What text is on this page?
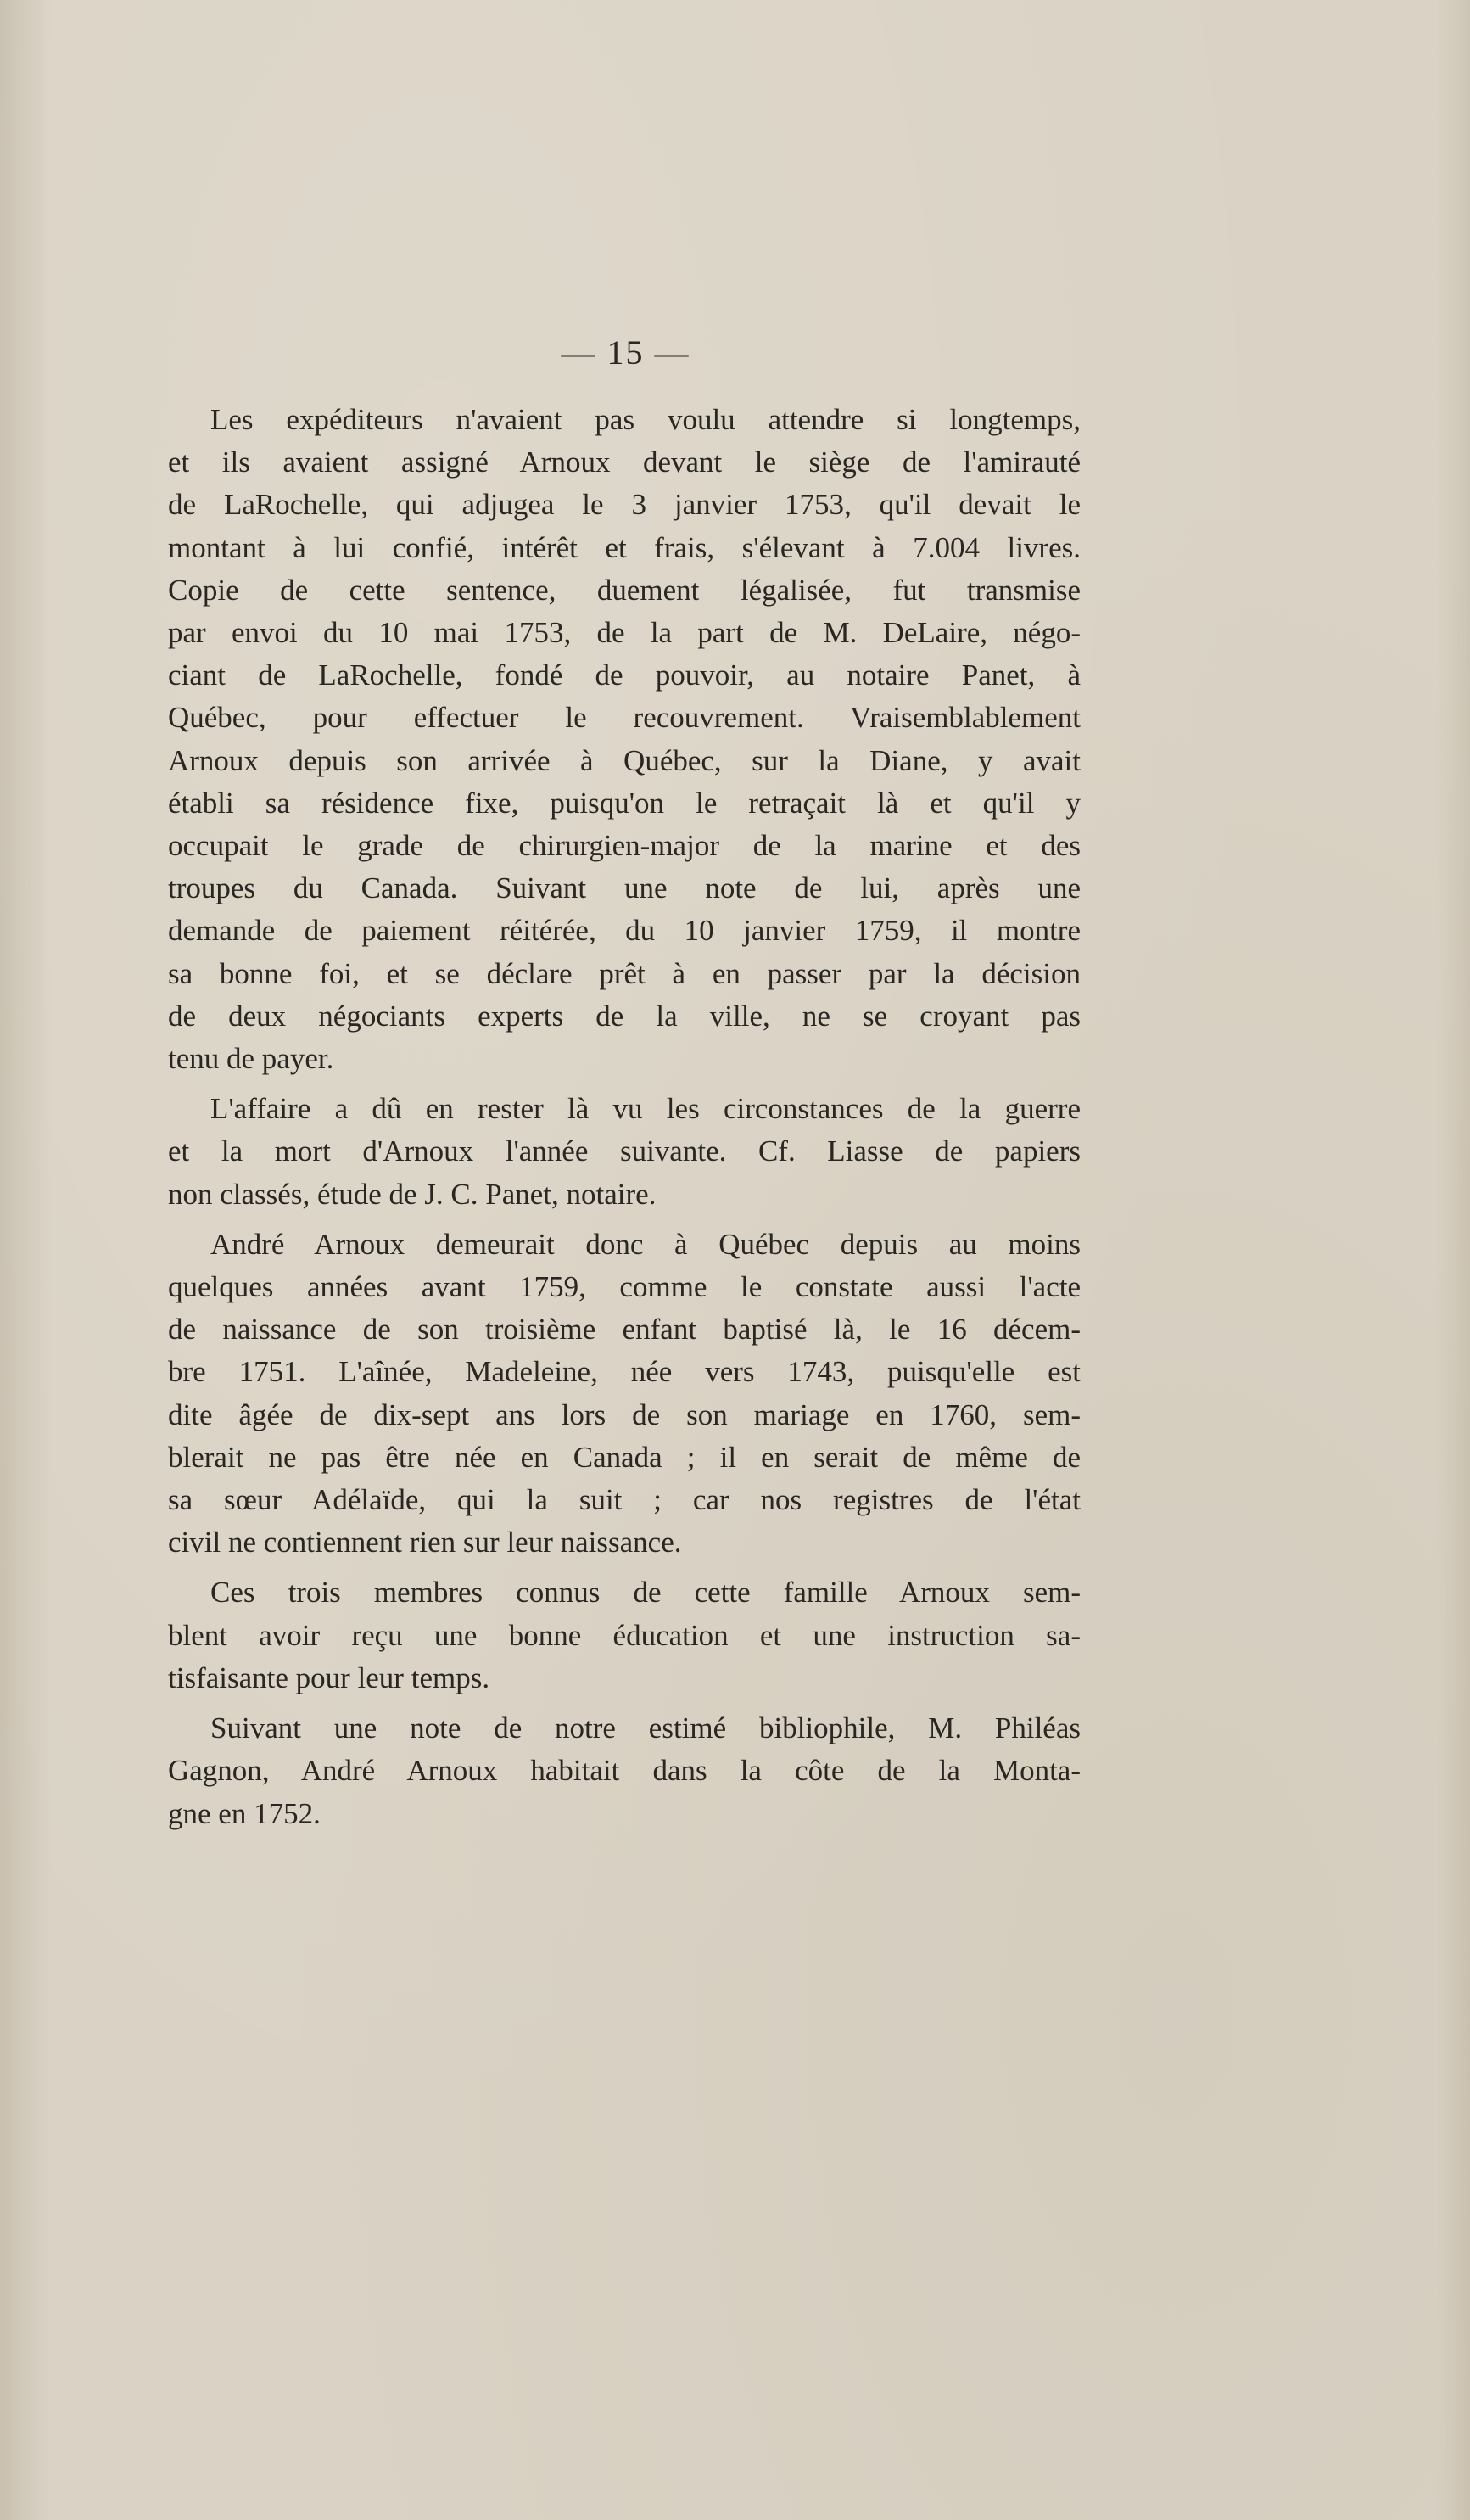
— 15 —
Les expéditeurs n'avaient pas voulu attendre si longtemps,
et ils avaient assigné Arnoux devant le siège de l'amirauté
de LaRochelle, qui adjugea le 3 janvier 1753, qu'il devait le
montant à lui confié, intérêt et frais, s'élevant à 7.004 livres.
Copie de cette sentence, duement légalisée, fut transmise
par envoi du 10 mai 1753, de la part de M. DeLaire, négo-
ciant de LaRochelle, fondé de pouvoir, au notaire Panet, à
Québec, pour effectuer le recouvrement. Vraisemblablement
Arnoux depuis son arrivée à Québec, sur la Diane, y avait
établi sa résidence fixe, puisqu'on le retraçait là et qu'il y
occupait le grade de chirurgien-major de la marine et des
troupes du Canada. Suivant une note de lui, après une
demande de paiement réitérée, du 10 janvier 1759, il montre
sa bonne foi, et se déclare prêt à en passer par la décision
de deux négociants experts de la ville, ne se croyant pas
tenu de payer.
L'affaire a dû en rester là vu les circonstances de la guerre
et la mort d'Arnoux l'année suivante. Cf. Liasse de papiers
non classés, étude de J. C. Panet, notaire.
André Arnoux demeurait donc à Québec depuis au moins
quelques années avant 1759, comme le constate aussi l'acte
de naissance de son troisième enfant baptisé là, le 16 décem-
bre 1751. L'aînée, Madeleine, née vers 1743, puisqu'elle est
dite âgée de dix-sept ans lors de son mariage en 1760, sem-
blerait ne pas être née en Canada ; il en serait de même de
sa sœur Adélaïde, qui la suit ; car nos registres de l'état
civil ne contiennent rien sur leur naissance.
Ces trois membres connus de cette famille Arnoux sem-
blent avoir reçu une bonne éducation et une instruction sa-
tisfaisante pour leur temps.
Suivant une note de notre estimé bibliophile, M. Philéas
Gagnon, André Arnoux habitait dans la côte de la Monta-
gne en 1752.
